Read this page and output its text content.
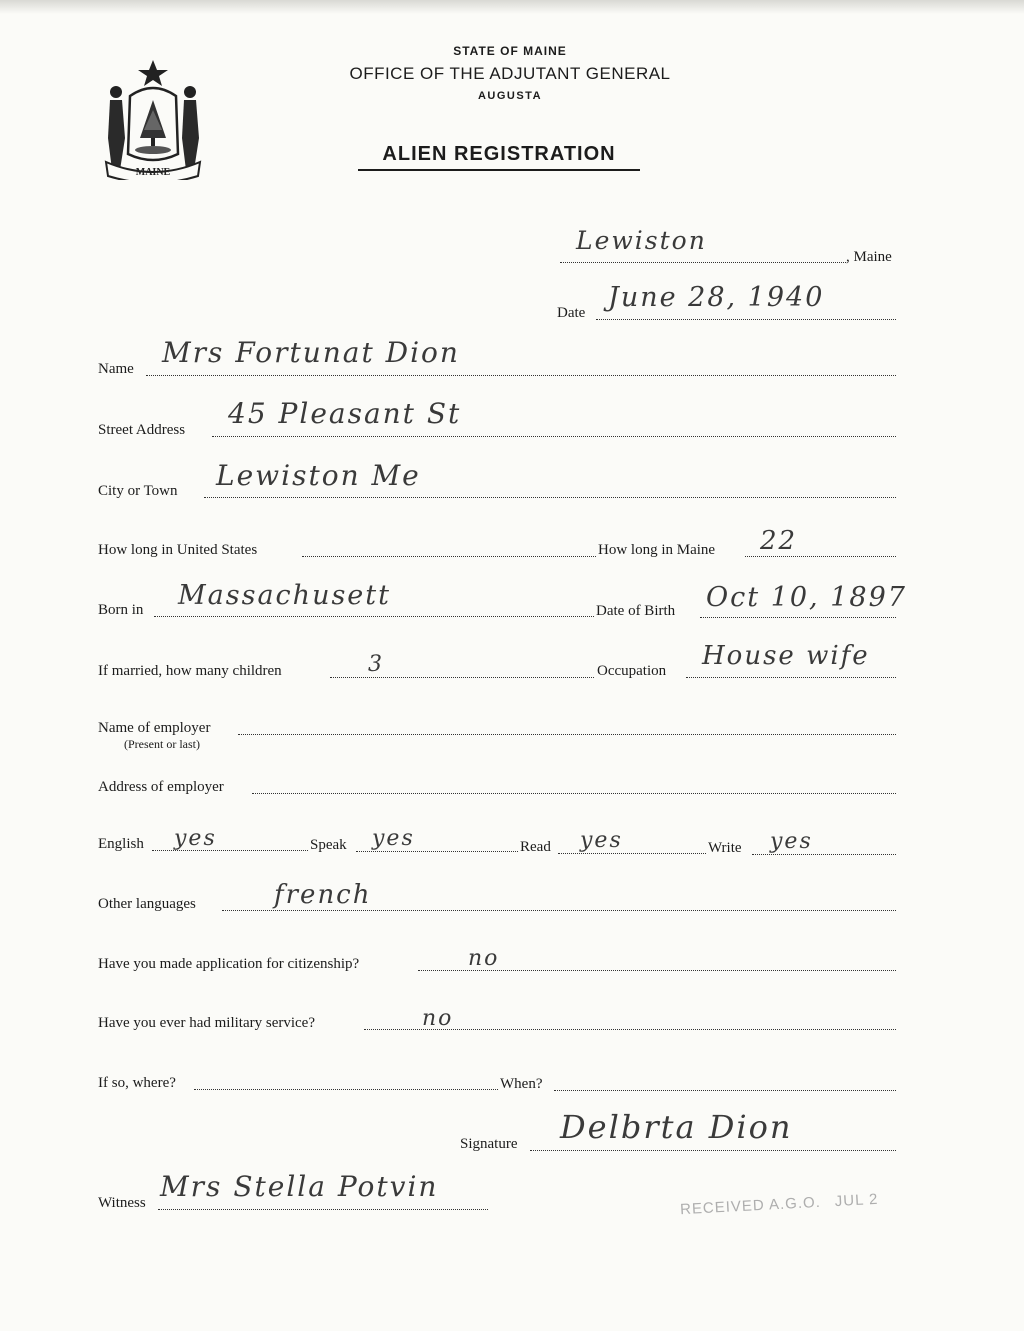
MAINE
STATE OF MAINE
OFFICE OF THE ADJUTANT GENERAL
AUGUSTA
ALIEN REGISTRATION
Lewiston
, Maine
Date June 28, 1940
Name Mrs Fortunat Dion
Street Address 45 Pleasant St
City or Town Lewiston Me
How long in United States	How long in Maine 22
Born in Massachusett	Date of Birth Oct 10, 1897
If married, how many children	3	Occupation House wife
Name of employer
(Present or last)
Address of employer
English yes	Speak yes	Read yes	Write yes
Other languages	french
Have you made application for citizenship?	no
Have you ever had military service?	no
If so, where?	When?
Signature Delbrta Dion
Witness Mrs Stella Potvin
RECEIVED A.G.O. JUL 2
